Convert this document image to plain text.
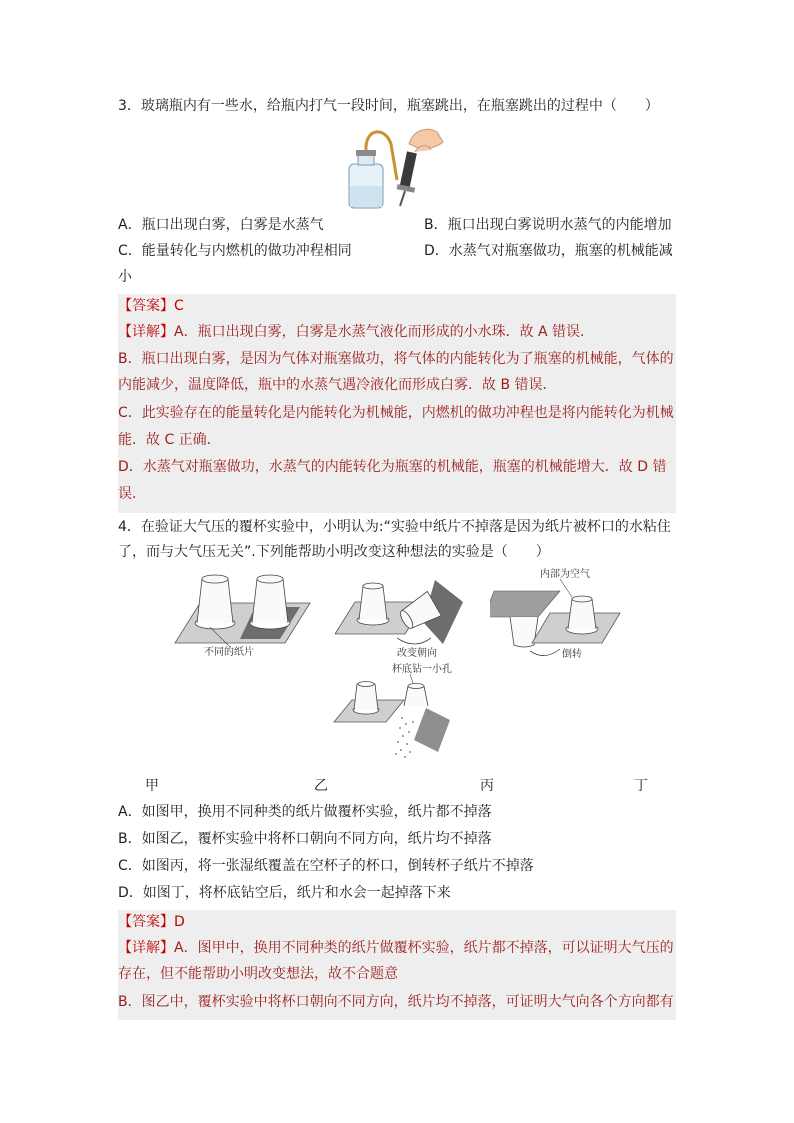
3．玻璃瓶内有一些水，给瓶内打气一段时间，瓶塞跳出，在瓶塞跳出的过程中（　　）
A．瓶口出现白雾，白雾是水蒸气	B．瓶口出现白雾说明水蒸气的内能增加
C．能量转化与内燃机的做功冲程相同	D．水蒸气对瓶塞做功，瓶塞的机械能减
小
【答案】C
【详解】A．瓶口出现白雾，白雾是水蒸气液化而形成的小水珠．故 A 错误．
B．瓶口出现白雾，是因为气体对瓶塞做功，将气体的内能转化为了瓶塞的机械能，气体的
内能减少，温度降低，瓶中的水蒸气遇冷液化而形成白雾．故 B 错误．
C．此实验存在的能量转化是内能转化为机械能，内燃机的做功冲程也是将内能转化为机械
能．故 C 正确．
D．水蒸气对瓶塞做功，水蒸气的内能转化为瓶塞的机械能，瓶塞的机械能增大．故 D 错
误．
4．在验证大气压的覆杯实验中，小明认为:“实验中纸片不掉落是因为纸片被杯口的水粘住
了，而与大气压无关”.下列能帮助小明改变这种想法的实验是（　　）
不同的纸片	改变朝向
内部为空气
倒转
杯底钻一小孔
甲	乙	丙	丁
A．如图甲，换用不同种类的纸片做覆杯实验，纸片都不掉落
B．如图乙，覆杯实验中将杯口朝向不同方向，纸片均不掉落
C．如图丙，将一张湿纸覆盖在空杯子的杯口，倒转杯子纸片不掉落
D．如图丁，将杯底钻空后，纸片和水会一起掉落下来
【答案】D
【详解】A．图甲中，换用不同种类的纸片做覆杯实验，纸片都不掉落，可以证明大气压的
存在，但不能帮助小明改变想法，故不合题意
B．图乙中，覆杯实验中将杯口朝向不同方向，纸片均不掉落，可证明大气向各个方向都有
